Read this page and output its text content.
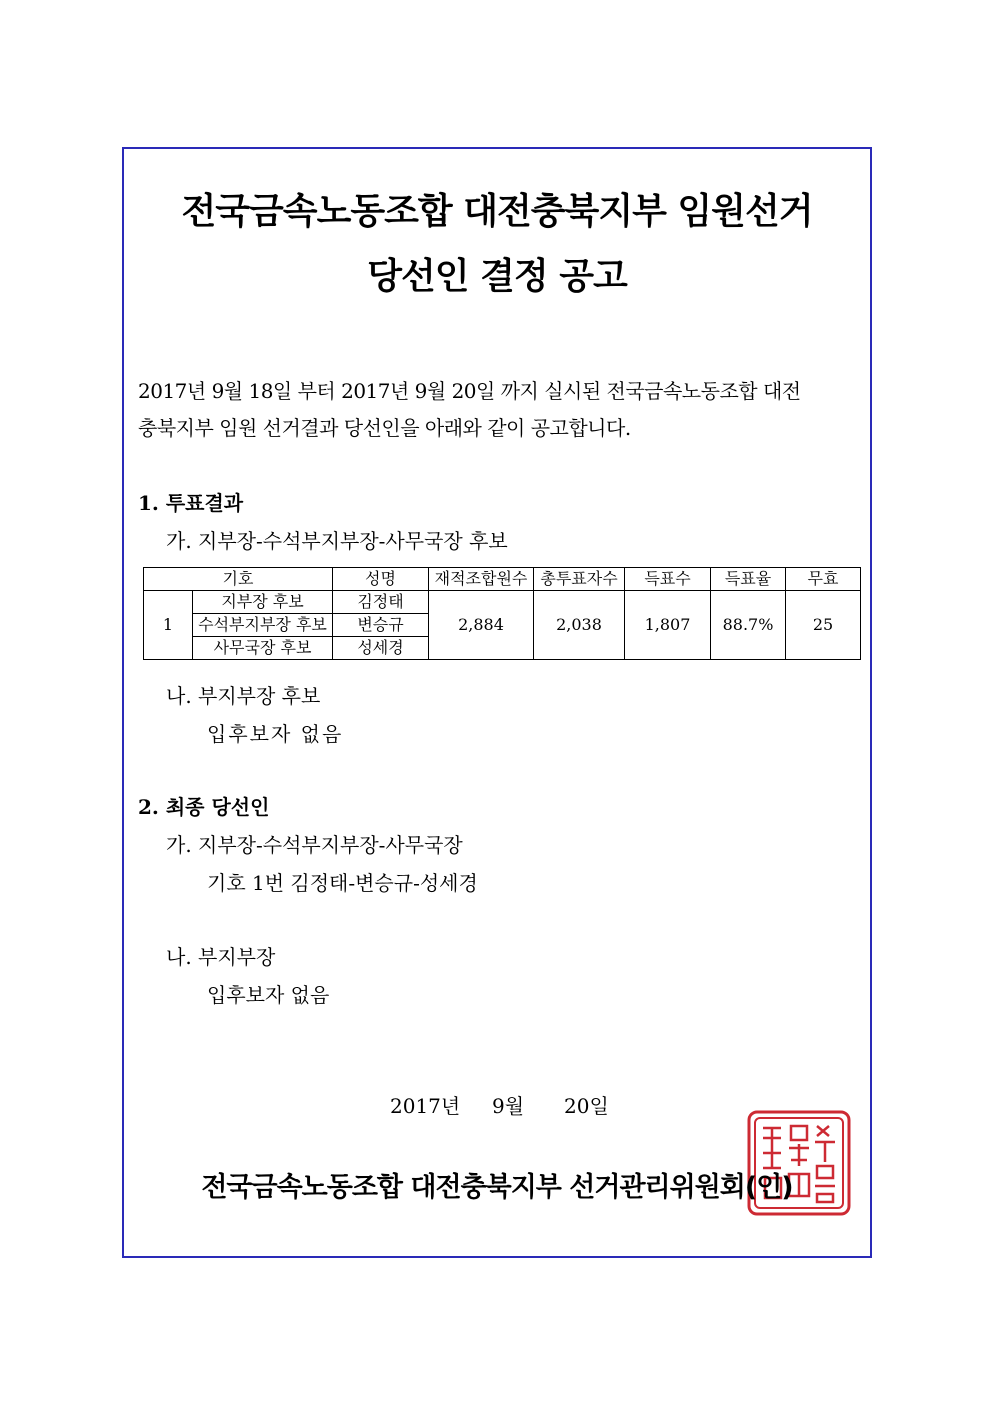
전국금속노동조합 대전충북지부 임원선거
당선인 결정 공고
2017년 9월 18일 부터 2017년 9월 20일 까지 실시된 전국금속노동조합 대전
충북지부 임원 선거결과 당선인을 아래와 같이 공고합니다.
1. 투표결과
가. 지부장-수석부지부장-사무국장 후보
기호		성명	재적조합원수	총투표자수	득표수	득표율	무효
1	지부장 후보	김정태	2,884	2,038	1,807	88.7%	25
	수석부지부장 후보	변승규					
	사무국장 후보	성세경					
나. 부지부장 후보
입후보자 없음
2. 최종 당선인
가. 지부장-수석부지부장-사무국장
기호 1번 김정태-변승규-성세경
나. 부지부장
입후보자 없음
2017년 9월 20일
전국금속노동조합 대전충북지부 선거관리위원회(인)
